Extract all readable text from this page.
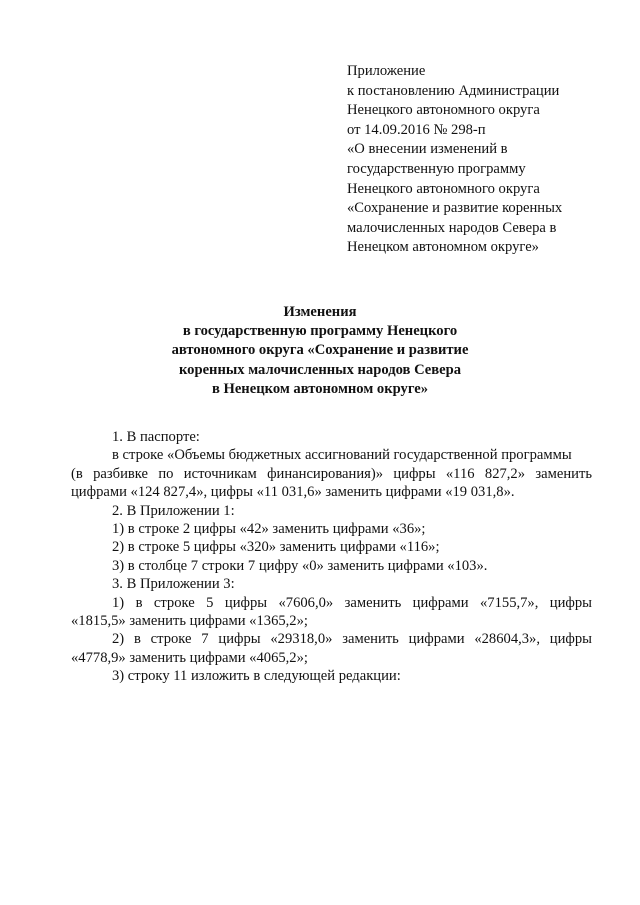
Приложение
к постановлению Администрации
Ненецкого автономного округа
от 14.09.2016 № 298-п
«О внесении изменений в
государственную программу
Ненецкого автономного округа
«Сохранение и развитие коренных
малочисленных народов Севера в
Ненецком автономном округе»
Изменения
в государственную программу Ненецкого
автономного округа «Сохранение и развитие
коренных малочисленных народов Севера
в Ненецком автономном округе»
1. В паспорте:
в строке «Объемы бюджетных ассигнований государственной программы
(в разбивке по источникам финансирования)» цифры «116 827,2» заменить
цифрами «124 827,4», цифры «11 031,6» заменить цифрами «19 031,8».
2. В Приложении 1:
1) в строке 2 цифры «42» заменить цифрами «36»;
2) в строке 5 цифры «320» заменить цифрами «116»;
3) в столбце 7 строки 7 цифру «0» заменить цифрами «103».
3. В Приложении 3:
1) в строке 5 цифры «7606,0» заменить цифрами «7155,7», цифры
«1815,5» заменить цифрами «1365,2»;
2) в строке 7 цифры «29318,0» заменить цифрами «28604,3», цифры
«4778,9» заменить цифрами «4065,2»;
3) строку 11 изложить в следующей редакции:
